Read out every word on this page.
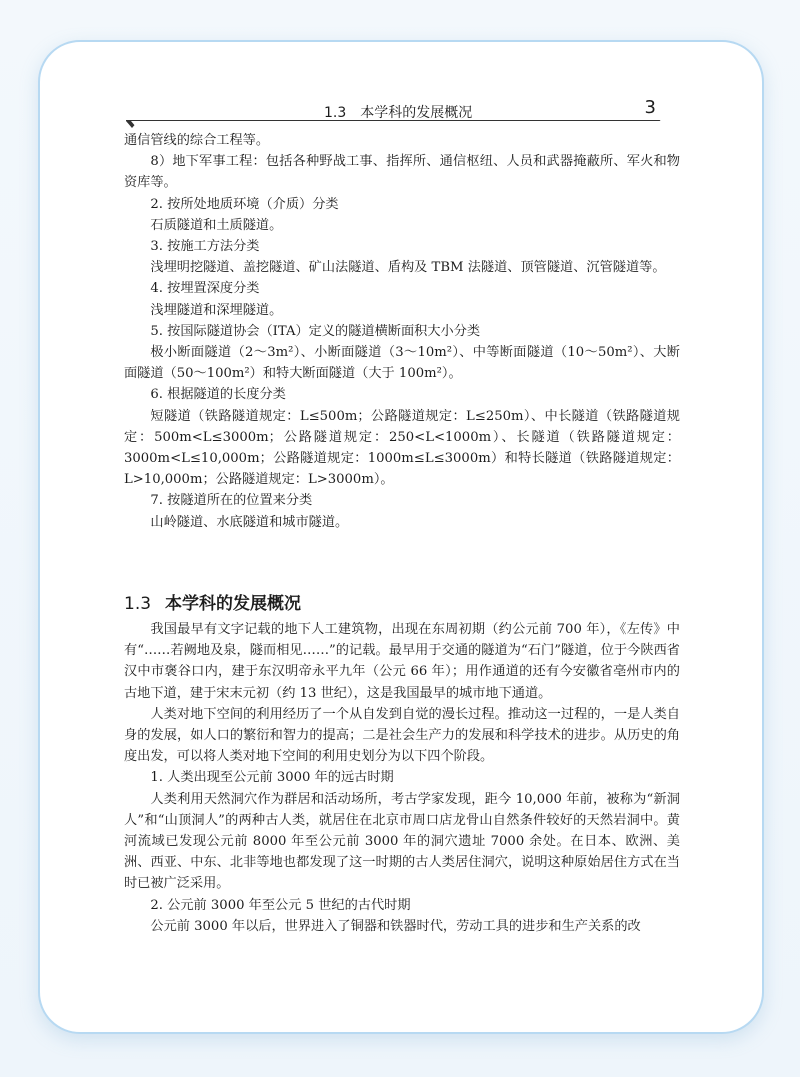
1.3　本学科的发展概况	3

通信管线的综合工程等。

8）地下军事工程：包括各种野战工事、指挥所、通信枢纽、人员和武器掩蔽所、军火和物资库等。

2. 按所处地质环境（介质）分类

石质隧道和土质隧道。

3. 按施工方法分类

浅埋明挖隧道、盖挖隧道、矿山法隧道、盾构及 TBM 法隧道、顶管隧道、沉管隧道等。

4. 按埋置深度分类

浅埋隧道和深埋隧道。

5. 按国际隧道协会（ITA）定义的隧道横断面积大小分类

极小断面隧道（2～3m²）、小断面隧道（3～10m²）、中等断面隧道（10～50m²）、大断面隧道（50～100m²）和特大断面隧道（大于 100m²）。

6. 根据隧道的长度分类

短隧道（铁路隧道规定：L≤500m；公路隧道规定：L≤250m）、中长隧道（铁路隧道规定：500m<L≤3000m；公路隧道规定：250<L<1000m）、长隧道（铁路隧道规定：3000m<L≤10,000m；公路隧道规定：1000m≤L≤3000m）和特长隧道（铁路隧道规定：L>10,000m；公路隧道规定：L>3000m）。

7. 按隧道所在的位置来分类

山岭隧道、水底隧道和城市隧道。

1.3 本学科的发展概况

我国最早有文字记载的地下人工建筑物，出现在东周初期（约公元前 700 年），《左传》中有“……若阙地及泉，隧而相见……”的记载。最早用于交通的隧道为“石门”隧道，位于今陕西省汉中市褒谷口内，建于东汉明帝永平九年（公元 66 年）；用作通道的还有今安徽省亳州市内的古地下道，建于宋末元初（约 13 世纪），这是我国最早的城市地下通道。

人类对地下空间的利用经历了一个从自发到自觉的漫长过程。推动这一过程的，一是人类自身的发展，如人口的繁衍和智力的提高；二是社会生产力的发展和科学技术的进步。从历史的角度出发，可以将人类对地下空间的利用史划分为以下四个阶段。

1. 人类出现至公元前 3000 年的远古时期

人类利用天然洞穴作为群居和活动场所，考古学家发现，距今 10,000 年前，被称为“新洞人”和“山顶洞人”的两种古人类，就居住在北京市周口店龙骨山自然条件较好的天然岩洞中。黄河流域已发现公元前 8000 年至公元前 3000 年的洞穴遗址 7000 余处。在日本、欧洲、美洲、西亚、中东、北非等地也都发现了这一时期的古人类居住洞穴，说明这种原始居住方式在当时已被广泛采用。

2. 公元前 3000 年至公元 5 世纪的古代时期

公元前 3000 年以后，世界进入了铜器和铁器时代，劳动工具的进步和生产关系的改
